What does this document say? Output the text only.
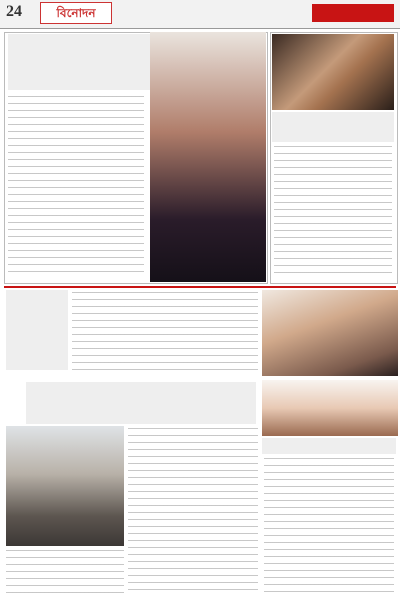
24	বিনোদন
